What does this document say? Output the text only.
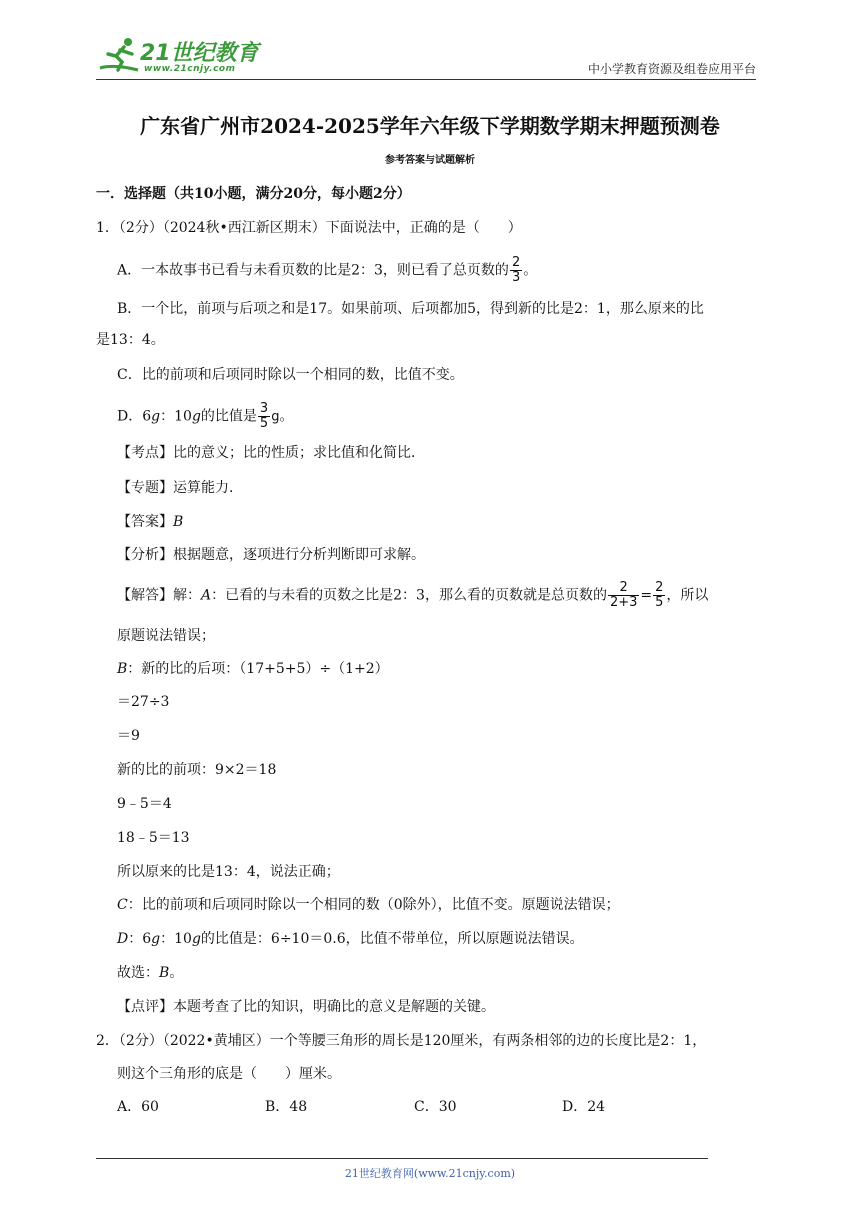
21世纪教育
www.21cnjy.com	中小学教育资源及组卷应用平台
广东省广州市2024-2025学年六年级下学期数学期末押题预测卷
参考答案与试题解析
一．选择题（共10小题，满分20分，每小题2分）
1．（2分）（2024秋•西江新区期末）下面说法中，正确的是（　　）
A．一本故事书已看与未看页数的比是2：3，则已看了总页数的 $\frac{2}{3}$ 。
B．一个比，前项与后项之和是17。如果前项、后项都加5，得到新的比是2：1，那么原来的比
是13：4。
C．比的前项和后项同时除以一个相同的数，比值不变。
D．6g：10g的比值是 $\frac{3}{5}$ g。
【考点】比的意义；比的性质；求比值和化简比．
【专题】运算能力．
【答案】B
【分析】根据题意，逐项进行分析判断即可求解。
【解答】解：A：已看的与未看的页数之比是2：3，那么看的页数就是总页数的 $\frac{2}{2+3} = \frac{2}{5}$ ，所以
原题说法错误；
B：新的比的后项：（17+5+5）÷（1+2）
＝27÷3
＝9
新的比的前项：9×2＝18
9﹣5＝4
18﹣5＝13
所以原来的比是13：4，说法正确；
C：比的前项和后项同时除以一个相同的数（0除外），比值不变。原题说法错误；
D：6g：10g的比值是：6÷10＝0.6，比值不带单位，所以原题说法错误。
故选：B。
【点评】本题考查了比的知识，明确比的意义是解题的关键。
2．（2分）（2022•黄埔区）一个等腰三角形的周长是120厘米，有两条相邻的边的长度比是2：1，
则这个三角形的底是（　　）厘米。
A．60	B．48	C．30	D．24
21世纪教育网(www.21cnjy.com)
